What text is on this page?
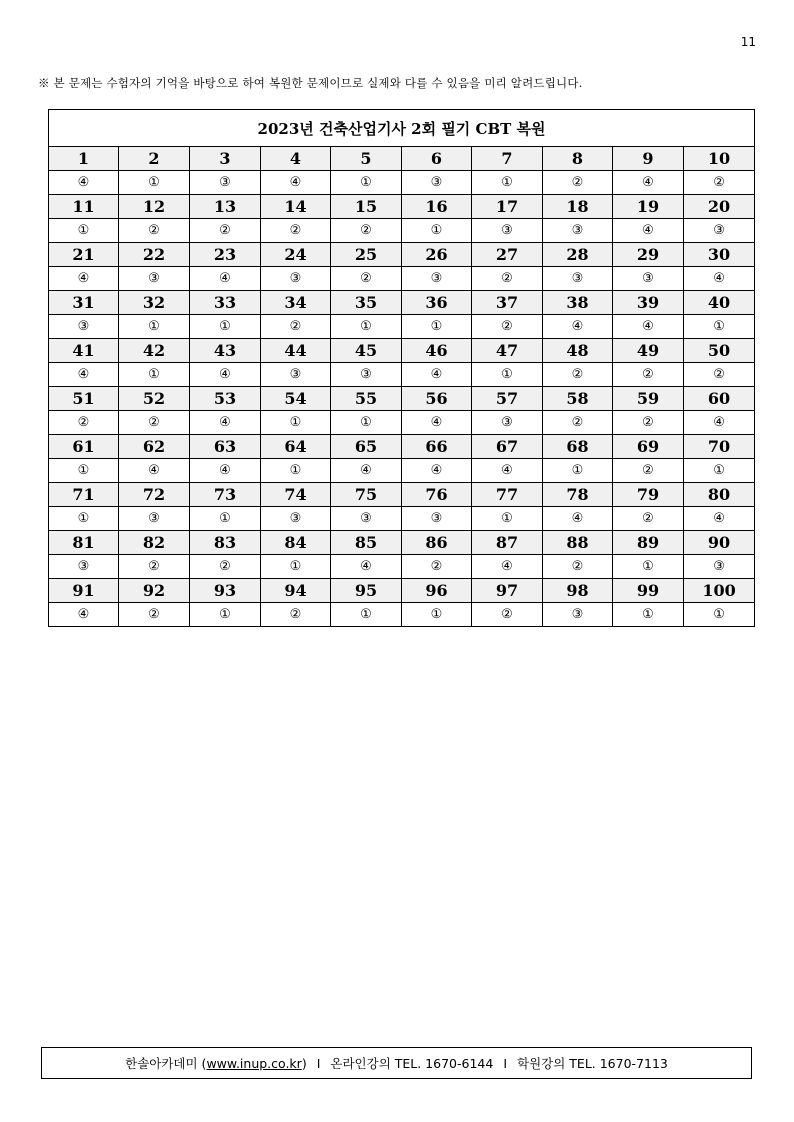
11
※ 본 문제는 수험자의 기억을 바탕으로 하여 복원한 문제이므로 실제와 다를 수 있음을 미리 알려드립니다.
2023년 건축산업기사 2회 필기 CBT 복원									
1	2	3	4	5	6	7	8	9	10
④	①	③	④	①	③	①	②	④	②
11	12	13	14	15	16	17	18	19	20
①	②	②	②	②	①	③	③	④	③
21	22	23	24	25	26	27	28	29	30
④	③	④	③	②	③	②	③	③	④
31	32	33	34	35	36	37	38	39	40
③	①	①	②	①	①	②	④	④	①
41	42	43	44	45	46	47	48	49	50
④	①	④	③	③	④	①	②	②	②
51	52	53	54	55	56	57	58	59	60
②	②	④	①	①	④	③	②	②	④
61	62	63	64	65	66	67	68	69	70
①	④	④	①	④	④	④	①	②	①
71	72	73	74	75	76	77	78	79	80
①	③	①	③	③	③	①	④	②	④
81	82	83	84	85	86	87	88	89	90
③	②	②	①	④	②	④	②	①	③
91	92	93	94	95	96	97	98	99	100
④	②	①	②	①	①	②	③	①	①
한솔아카데미 ( www.inup.co.kr ) I 온라인강의 TEL. 1670-6144 I 학원강의 TEL. 1670-7113
